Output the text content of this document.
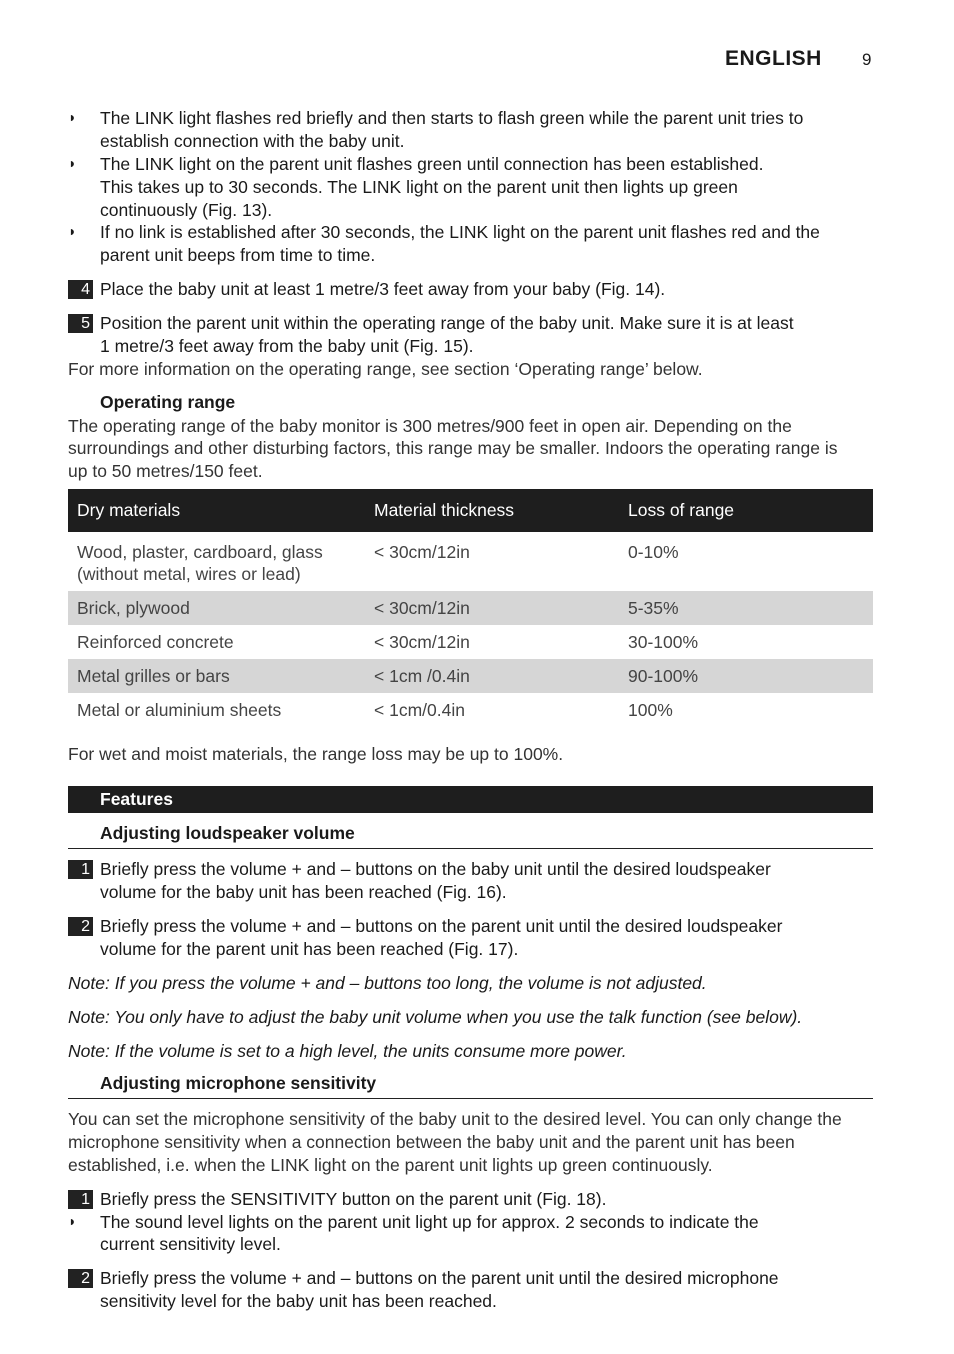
ENGLISH 9
◗ The LINK light flashes red briefly and then starts to flash green while the parent unit tries to
establish connection with the baby unit.
◗ The LINK light on the parent unit flashes green until connection has been established.
This takes up to 30 seconds. The LINK light on the parent unit then lights up green
continuously (Fig. 13).
◗ If no link is established after 30 seconds, the LINK light on the parent unit flashes red and the
parent unit beeps from time to time.
4 Place the baby unit at least 1 metre/3 feet away from your baby (Fig. 14).
5 Position the parent unit within the operating range of the baby unit. Make sure it is at least
1 metre/3 feet away from the baby unit (Fig. 15).
For more information on the operating range, see section ‘Operating range’ below.
Operating range
The operating range of the baby monitor is 300 metres/900 feet in open air. Depending on the
surroundings and other disturbing factors, this range may be smaller. Indoors the operating range is
up to 50 metres/150 feet.
Dry materials	Material thickness	Loss of range
Wood, plaster, cardboard, glass
(without metal, wires or lead)	< 30cm/12in	0-10%
Brick, plywood	< 30cm/12in	5-35%
Reinforced concrete	< 30cm/12in	30-100%
Metal grilles or bars	< 1cm /0.4in	90-100%
Metal or aluminium sheets	< 1cm/0.4in	100%
For wet and moist materials, the range loss may be up to 100%.
Features
Adjusting loudspeaker volume
1 Briefly press the volume + and – buttons on the baby unit until the desired loudspeaker
volume for the baby unit has been reached (Fig. 16).
2 Briefly press the volume + and – buttons on the parent unit until the desired loudspeaker
volume for the parent unit has been reached (Fig. 17).
Note: If you press the volume + and – buttons too long, the volume is not adjusted.
Note: You only have to adjust the baby unit volume when you use the talk function (see below).
Note: If the volume is set to a high level, the units consume more power.
Adjusting microphone sensitivity
You can set the microphone sensitivity of the baby unit to the desired level. You can only change the
microphone sensitivity when a connection between the baby unit and the parent unit has been
established, i.e. when the LINK light on the parent unit lights up green continuously.
1 Briefly press the SENSITIVITY button on the parent unit (Fig. 18).
◗ The sound level lights on the parent unit light up for approx. 2 seconds to indicate the
current sensitivity level.
2 Briefly press the volume + and – buttons on the parent unit until the desired microphone
sensitivity level for the baby unit has been reached.
